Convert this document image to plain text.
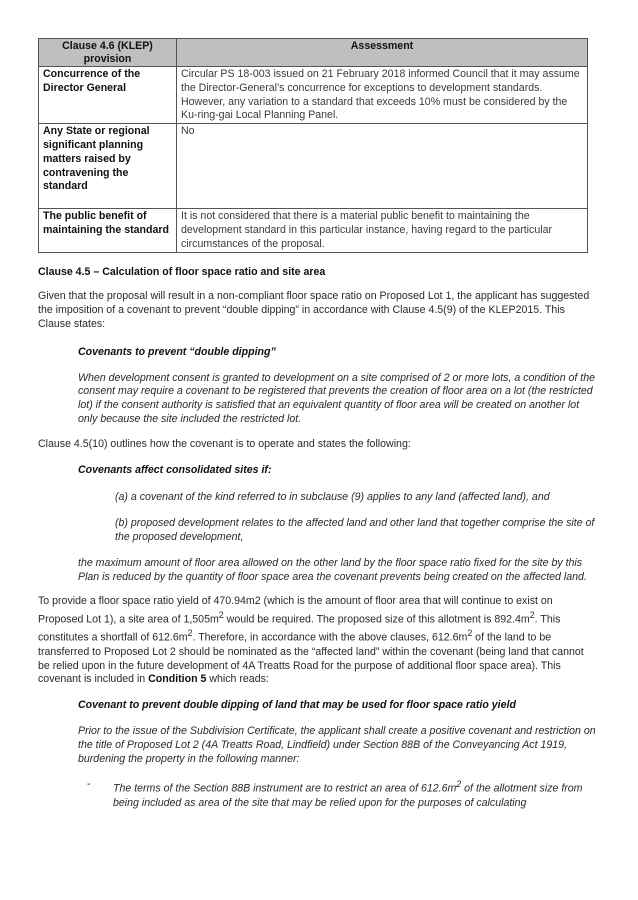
Clause 4.6 (KLEP) provision	Assessment
Concurrence of the Director General	Circular PS 18-003 issued on 21 February 2018 informed Council that it may assume the Director-General’s concurrence for exceptions to development standards. However, any variation to a standard that exceeds 10% must be considered by the Ku-ring-gai Local Planning Panel.
Any State or regional significant planning matters raised by contravening the standard	No
The public benefit of maintaining the standard	It is not considered that there is a material public benefit to maintaining the development standard in this particular instance, having regard to the particular circumstances of the proposal.

Clause 4.5 – Calculation of floor space ratio and site area

Given that the proposal will result in a non-compliant floor space ratio on Proposed Lot 1, the applicant has suggested the imposition of a covenant to prevent “double dipping” in accordance with Clause 4.5(9) of the KLEP2015. This Clause states:

Covenants to prevent “double dipping”

When development consent is granted to development on a site comprised of 2 or more lots, a condition of the consent may require a covenant to be registered that prevents the creation of floor area on a lot (the restricted lot) if the consent authority is satisfied that an equivalent quantity of floor area will be created on another lot only because the site included the restricted lot.

Clause 4.5(10) outlines how the covenant is to operate and states the following:

Covenants affect consolidated sites if:

(a) a covenant of the kind referred to in subclause (9) applies to any land (affected land), and

(b) proposed development relates to the affected land and other land that together comprise the site of the proposed development,

the maximum amount of floor area allowed on the other land by the floor space ratio fixed for the site by this Plan is reduced by the quantity of floor space area the covenant prevents being created on the affected land.

To provide a floor space ratio yield of 470.94m2 (which is the amount of floor area that will continue to exist on Proposed Lot 1), a site area of $1,505m^2$ would be required. The proposed size of this allotment is $892.4m^2$. This constitutes a shortfall of $612.6m^2$. Therefore, in accordance with the above clauses, $612.6m^2$ of the land to be transferred to Proposed Lot 2 should be nominated as the “affected land” within the covenant (being land that cannot be relied upon in the future development of 4A Treatts Road for the purpose of additional floor space area). This covenant is included in Condition 5 which reads:

Covenant to prevent double dipping of land that may be used for floor space ratio yield

Prior to the issue of the Subdivision Certificate, the applicant shall create a positive covenant and restriction on the title of Proposed Lot 2 (4A Treatts Road, Lindfield) under Section 88B of the Conveyancing Act 1919, burdening the property in the following manner:

-	The terms of the Section 88B instrument are to restrict an area of $612.6m^2$ of the allotment size from being included as area of the site that may be relied upon for the purposes of calculating
